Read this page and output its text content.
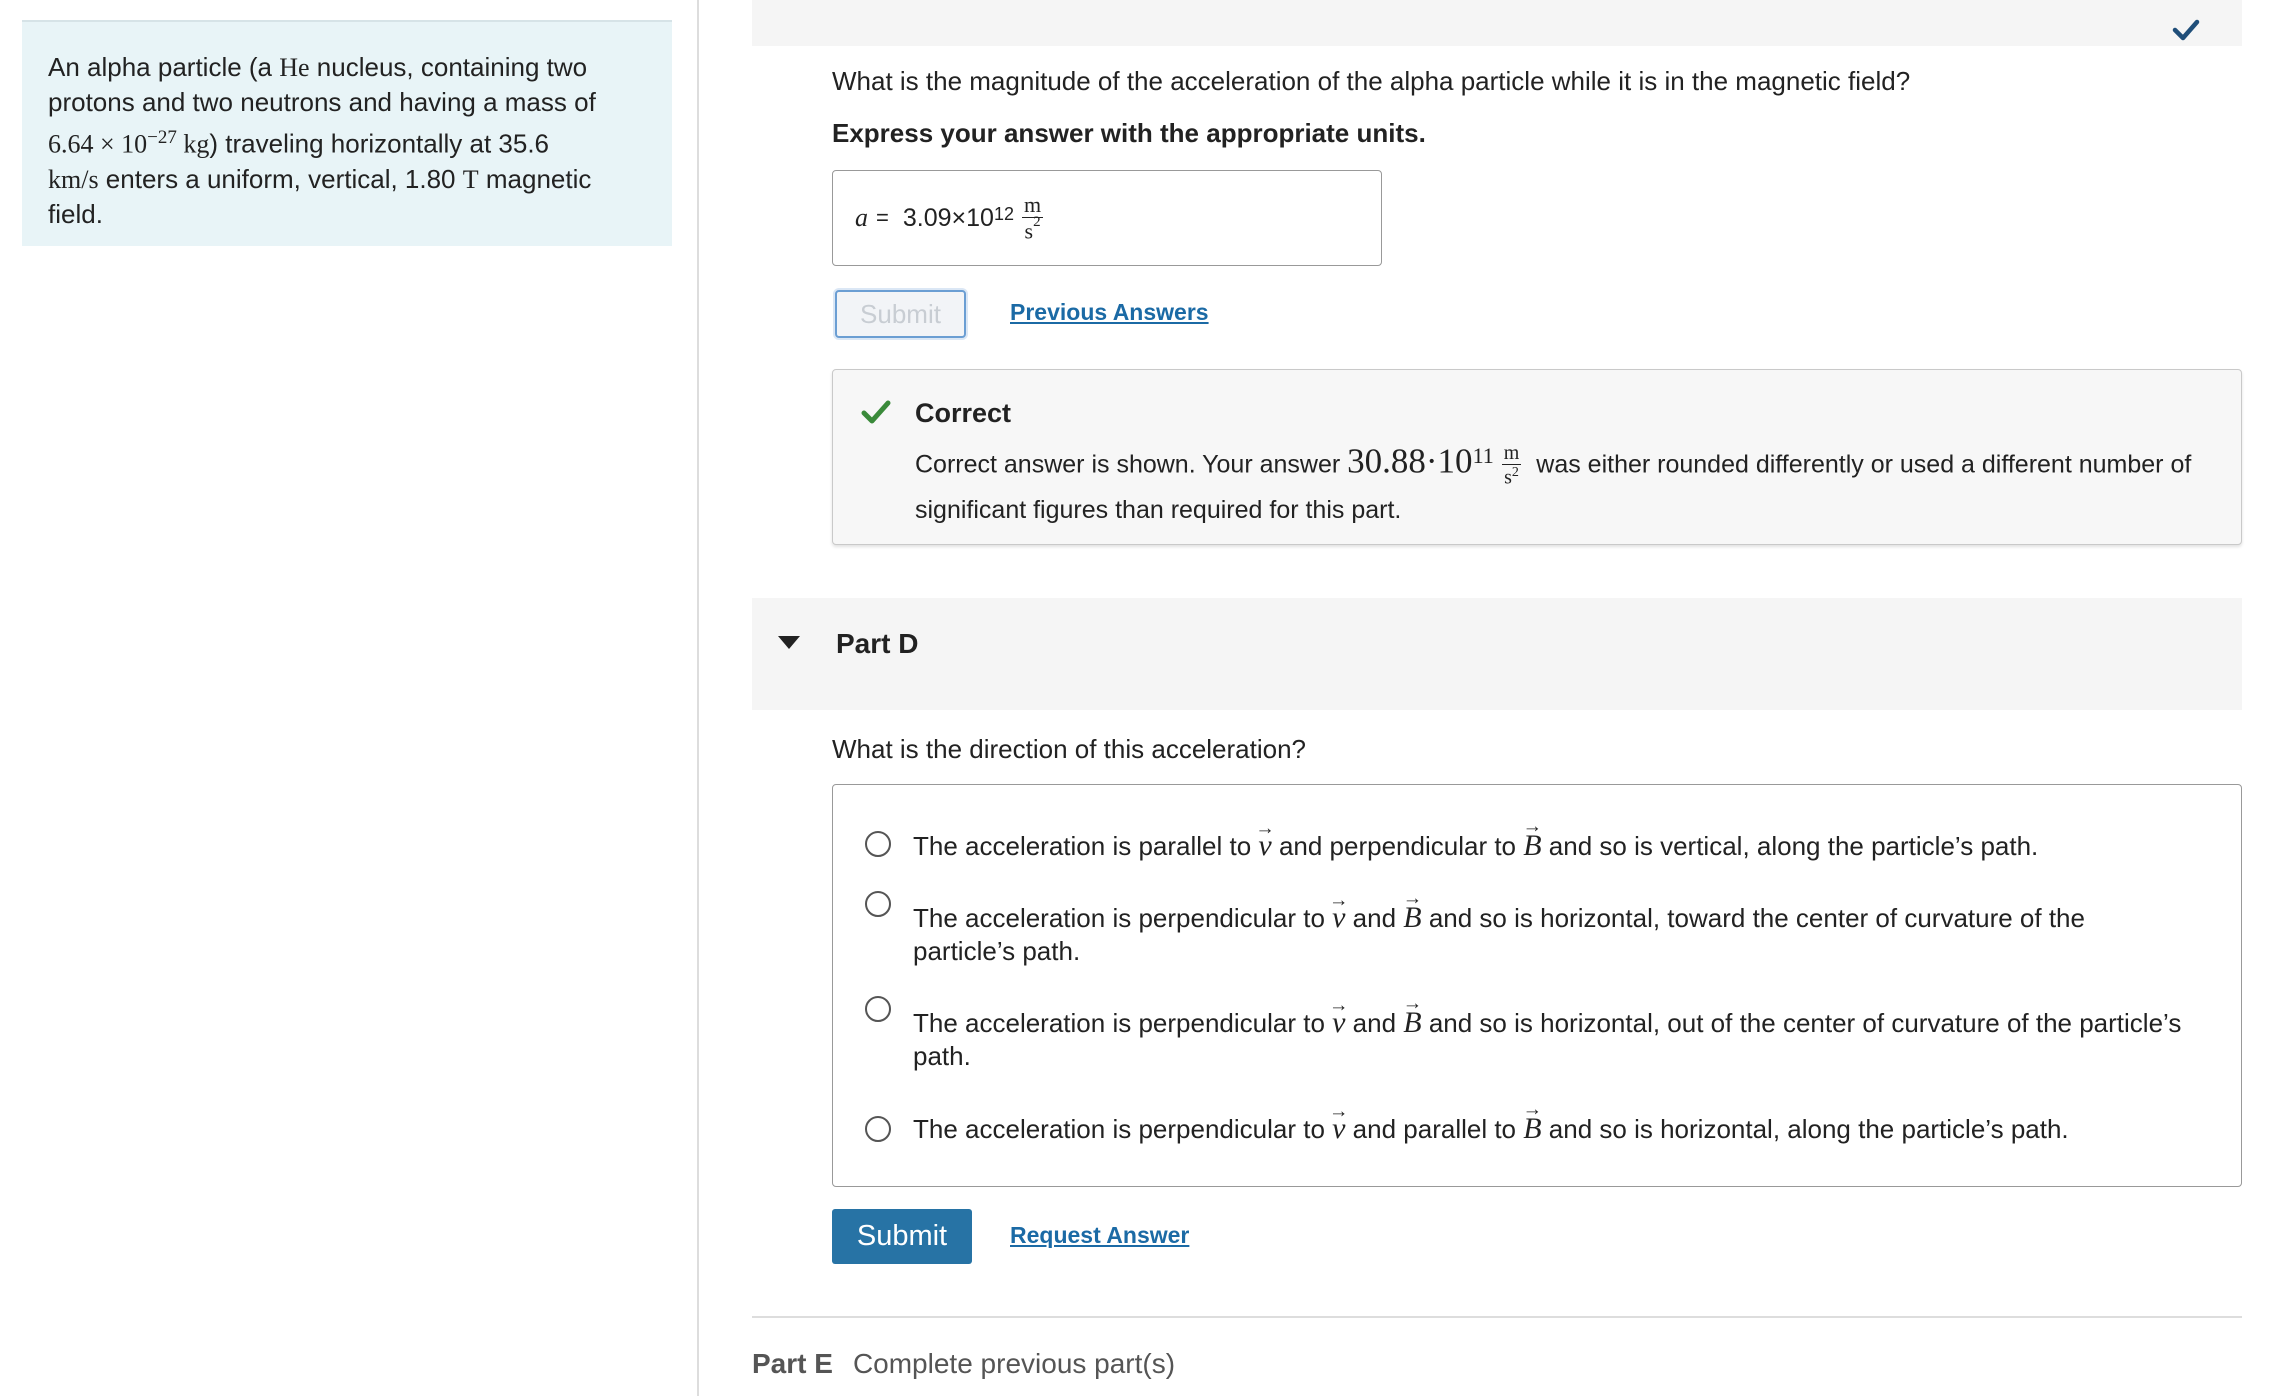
An alpha particle (a He nucleus, containing two protons and two neutrons and having a mass of $6.64 \times 10^{-27}$ kg) traveling horizontally at 35.6
km/s enters a uniform, vertical, 1.80 T magnetic field.
What is the magnitude of the acceleration of the alpha particle while it is in the magnetic field?
Express your answer with the appropriate units.
$a = 3.09\times 10^{12} \frac{m}{s^2}$
Submit	Previous Answers
Correct
Correct answer is shown. Your answer $30.88\cdot 10^{11} \frac{m}{s^2}$ was either rounded differently or used a different number of significant figures than required for this part.
Part D
What is the direction of this acceleration?
The acceleration is parallel to → v and perpendicular to → B and so is vertical, along the particle’s path.
The acceleration is perpendicular to → v and → B and so is horizontal, toward the center of curvature of the particle’s path.
The acceleration is perpendicular to → v and → B and so is horizontal, out of the center of curvature of the particle’s path.
The acceleration is perpendicular to → v and parallel to → B and so is horizontal, along the particle’s path.
Submit	Request Answer
Part E Complete previous part(s)
